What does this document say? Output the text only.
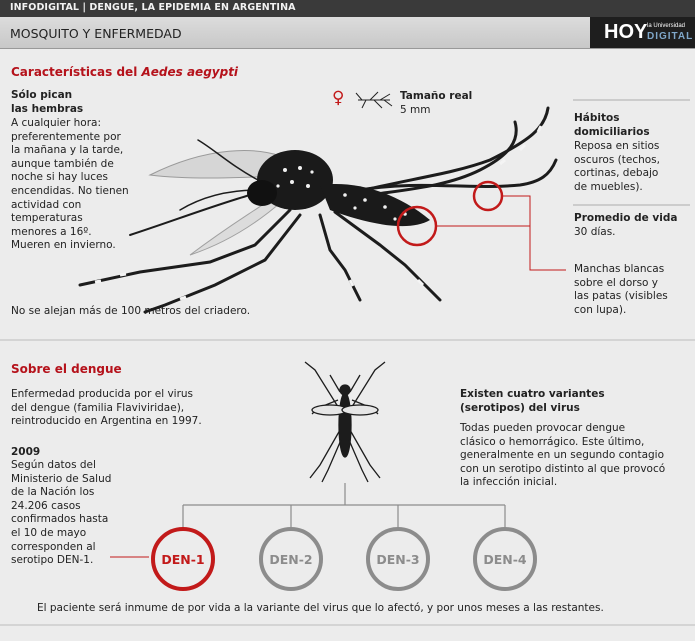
INFODIGITAL | DENGUE, LA EPIDEMIA EN ARGENTINA
MOSQUITO Y ENFERMEDAD	HOY la Universidad
DIGITAL
Características del Aedes aegypti
Sólo pican
las hembras
A cualquier hora:
preferentemente por
la mañana y la tarde,
aunque también de
noche si hay luces
encendidas. No tienen
actividad con
temperaturas
menores a 16º.
Mueren en invierno.
♀	Tamaño real
5 mm
Hábitos
domiciliarios
Reposa en sitios
oscuros (techos,
cortinas, debajo
de muebles).
Promedio de vida
30 días.
Manchas blancas
sobre el dorso y
las patas (visibles
con lupa).
No se alejan más de 100 metros del criadero.
Sobre el dengue
Enfermedad producida por el virus
del dengue (familia Flaviviridae),
reintroducido en Argentina en 1997.
2009
Según datos del
Ministerio de Salud
de la Nación los
24.206 casos
confirmados hasta
el 10 de mayo
corresponden al
serotipo DEN-1.
Existen cuatro variantes
(serotipos) del virus
Todas pueden provocar dengue
clásico o hemorrágico. Este último,
generalmente en un segundo contagio
con un serotipo distinto al que provocó
la infección inicial.
DEN-1	DEN-2	DEN-3	DEN-4
El paciente será inmume de por vida a la variante del virus que lo afectó, y por unos meses a las restantes.
